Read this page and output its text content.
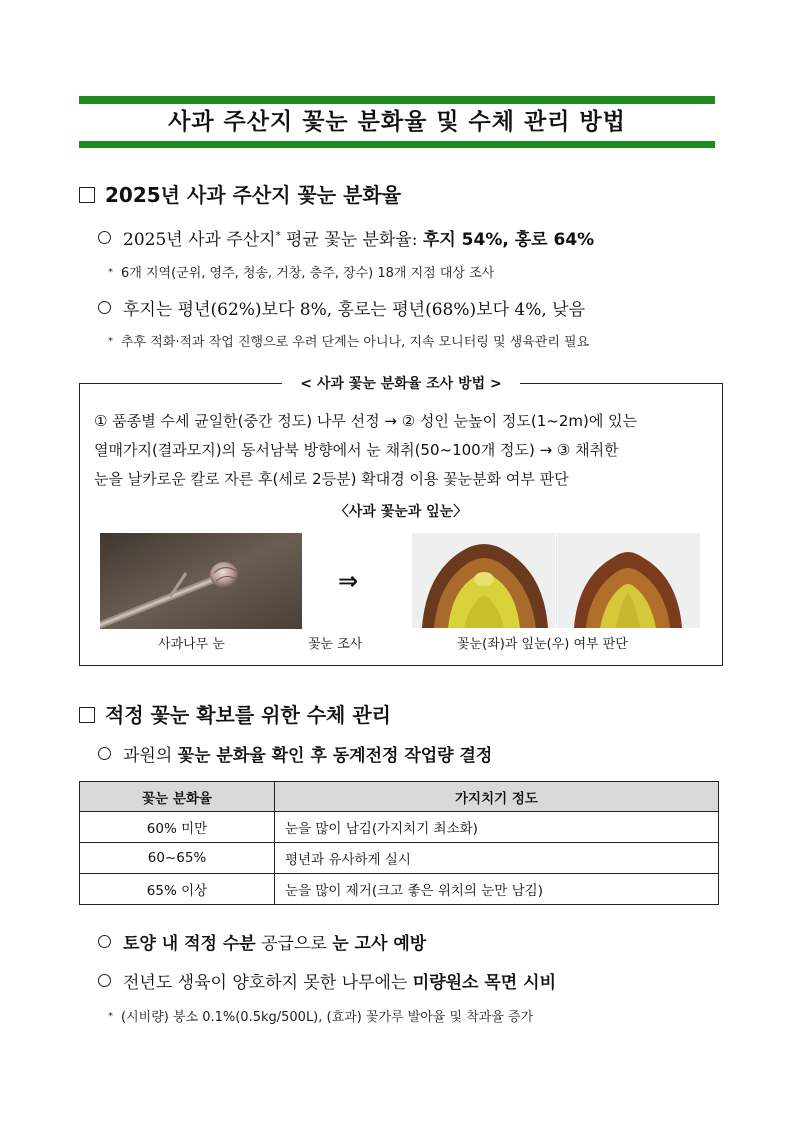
사과 주산지 꽃눈 분화율 및 수체 관리 방법
2025년 사과 주산지 꽃눈 분화율
2025년 사과 주산지* 평균 꽃눈 분화율: 후지 54%, 홍로 64%
* 6개 지역(군위, 영주, 청송, 거창, 충주, 장수) 18개 지점 대상 조사
후지는 평년(62%)보다 8%, 홍로는 평년(68%)보다 4%, 낮음
* 추후 적화·적과 작업 진행으로 우려 단계는 아니나, 지속 모니터링 및 생육관리 필요
< 사과 꽃눈 분화율 조사 방법 >
① 품종별 수세 균일한(중간 정도) 나무 선정 → ② 성인 눈높이 정도(1~2m)에 있는
열매가지(결과모지)의 동서남북 방향에서 눈 채취(50~100개 정도) → ③ 채취한
눈을 날카로운 칼로 자른 후(세로 2등분) 확대경 이용 꽃눈분화 여부 판단
〈사과 꽃눈과 잎눈〉
⇒
사과나무 눈	꽃눈 조사	꽃눈(좌)과 잎눈(우) 여부 판단
적정 꽃눈 확보를 위한 수체 관리
과원의 꽃눈 분화율 확인 후 동계전정 작업량 결정
꽃눈 분화율	가지치기 정도
60% 미만	눈을 많이 남김(가지치기 최소화)
60~65%	평년과 유사하게 실시
65% 이상	눈을 많이 제거(크고 좋은 위치의 눈만 남김)
토양 내 적정 수분 공급으로 눈 고사 예방
전년도 생육이 양호하지 못한 나무에는 미량원소 목면 시비
* (시비량) 붕소 0.1%(0.5kg/500L), (효과) 꽃가루 발아율 및 착과율 증가
